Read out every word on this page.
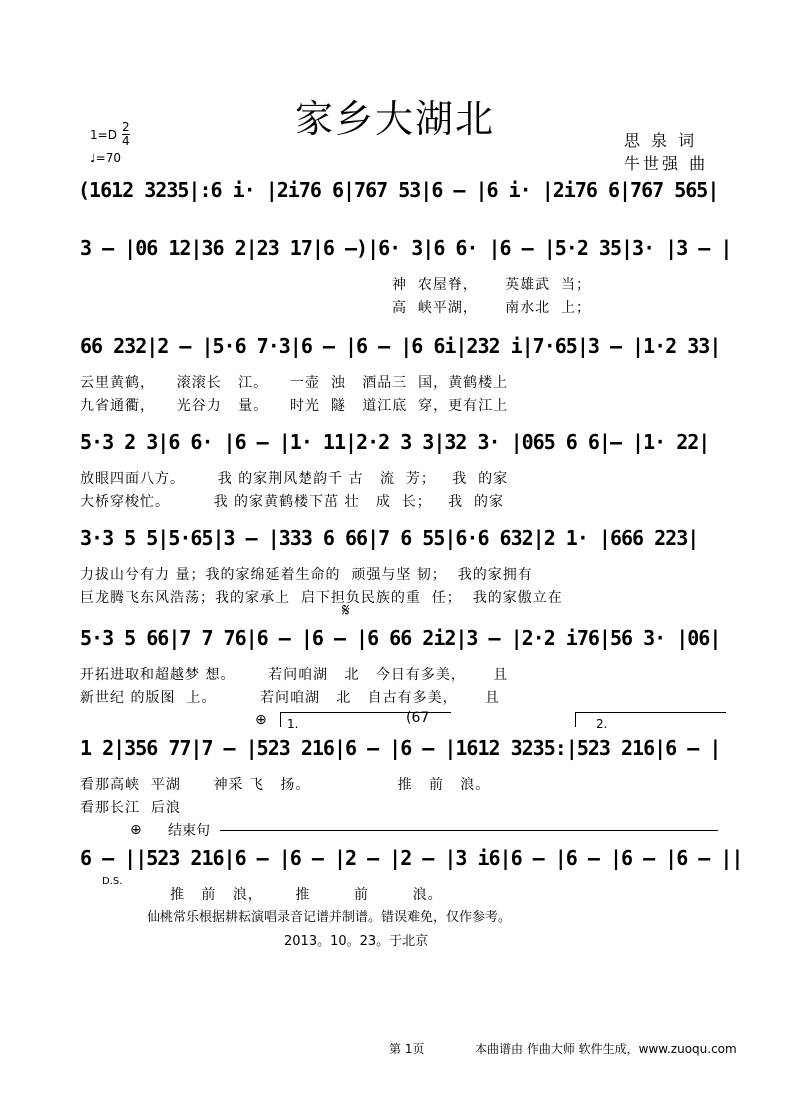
家乡大湖北
$1=D \frac{2}{4}$
♩=70
思 泉 词
牛世强 曲
(1612 3235|:6 i· |2i76 6|767 53|6 — |6 i· |2i76 6|767 565|
3 — |06 12|36 2|23 17|6 —)|6· 3|6 6· |6 — |5·2 35|3· |3 — |
神  农屋脊，     英雄武  当；
高  峡平湖，     南水北  上；
66 232|2 — |5·6 7·3|6 — |6 — |6 6i|232 i|7·65|3 — |1·2 33|
云里黄鹤，    滚滚长   江。    一壶  浊   酒品三  国，黄鹤楼上
九省通衢，    光谷力   量。    时光  隧   道江底  穿，更有江上
5·3 2 3|6 6· |6 — |1· 11|2·2 3 3|32 3· |065 6 6|— |1· 22|
放眼四面八方。      我 的家荆风楚韵千 古   流  芳；   我  的家
大桥穿梭忙。        我 的家黄鹤楼下茁 壮   成  长；   我  的家
3·3 5 5|5·65|3 — |333 6 66|7 6 55|6·6 632|2 1· |666 223|
力拔山兮有力 量；我的家绵延着生命的  顽强与坚 韧；  我的家拥有
巨龙腾飞东风浩荡；我的家承上  启下担负民族的重  任；  我的家傲立在
𝄋
5·3 5 66|7 7 76|6 — |6 — |6 66 2i2|3 — |2·2 i76|56 3· |06|
开拓进取和超越梦 想。      若问咱湖   北   今日有多美，     且
新世纪 的版图  上。        若问咱湖   北   自古有多美，     且
⊕	1.	(67	2.
1 2|356 77|7 — |523 216|6 — |6 — |1612 3235:|523 216|6 — |
看那高峡  平湖      神采 飞   扬。                推   前   浪。
看那长江  后浪
⊕ 结束句
6 — ||523 216|6 — |6 — |2 — |2 — |3 i6|6 — |6 — |6 — |6 — ||
D.S.
推   前   浪，      推        前        浪。
仙桃常乐根据耕耘演唱录音记谱并制谱。错误难免，仅作参考。
2013。10。23。于北京
第 1页	本曲谱由 作曲大师 软件生成，www.zuoqu.com
